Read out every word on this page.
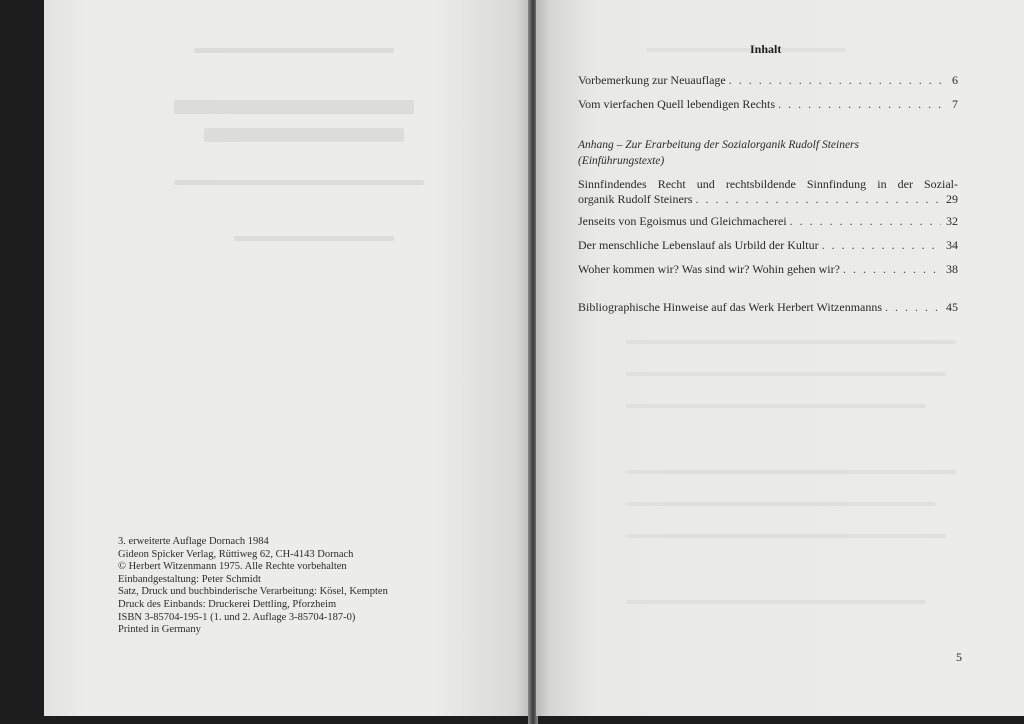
3. erweiterte Auflage Dornach 1984
Gideon Spicker Verlag, Rüttiweg 62, CH-4143 Dornach
© Herbert Witzenmann 1975. Alle Rechte vorbehalten
Einbandgestaltung: Peter Schmidt
Satz, Druck und buchbinderische Verarbeitung: Kösel, Kempten
Druck des Einbands: Druckerei Dettling, Pforzheim
ISBN 3-85704-195-1 (1. und 2. Auflage 3-85704-187-0)
Printed in Germany
Inhalt
Vorbemerkung zur Neuauflage . . .	6
Vom vierfachen Quell lebendigen Rechts . . .	7
Anhang – Zur Erarbeitung der Sozialorganik Rudolf Steiners
(Einführungstexte)
Sinnfindendes Recht und rechtsbildende Sinnfindung in der Sozial-
organik Rudolf Steiners . . .	29
Jenseits von Egoismus und Gleichmacherei . . .	32
Der menschliche Lebenslauf als Urbild der Kultur . . .	34
Woher kommen wir? Was sind wir? Wohin gehen wir? . . .	38
Bibliographische Hinweise auf das Werk Herbert Witzenmanns . . .	45
5
